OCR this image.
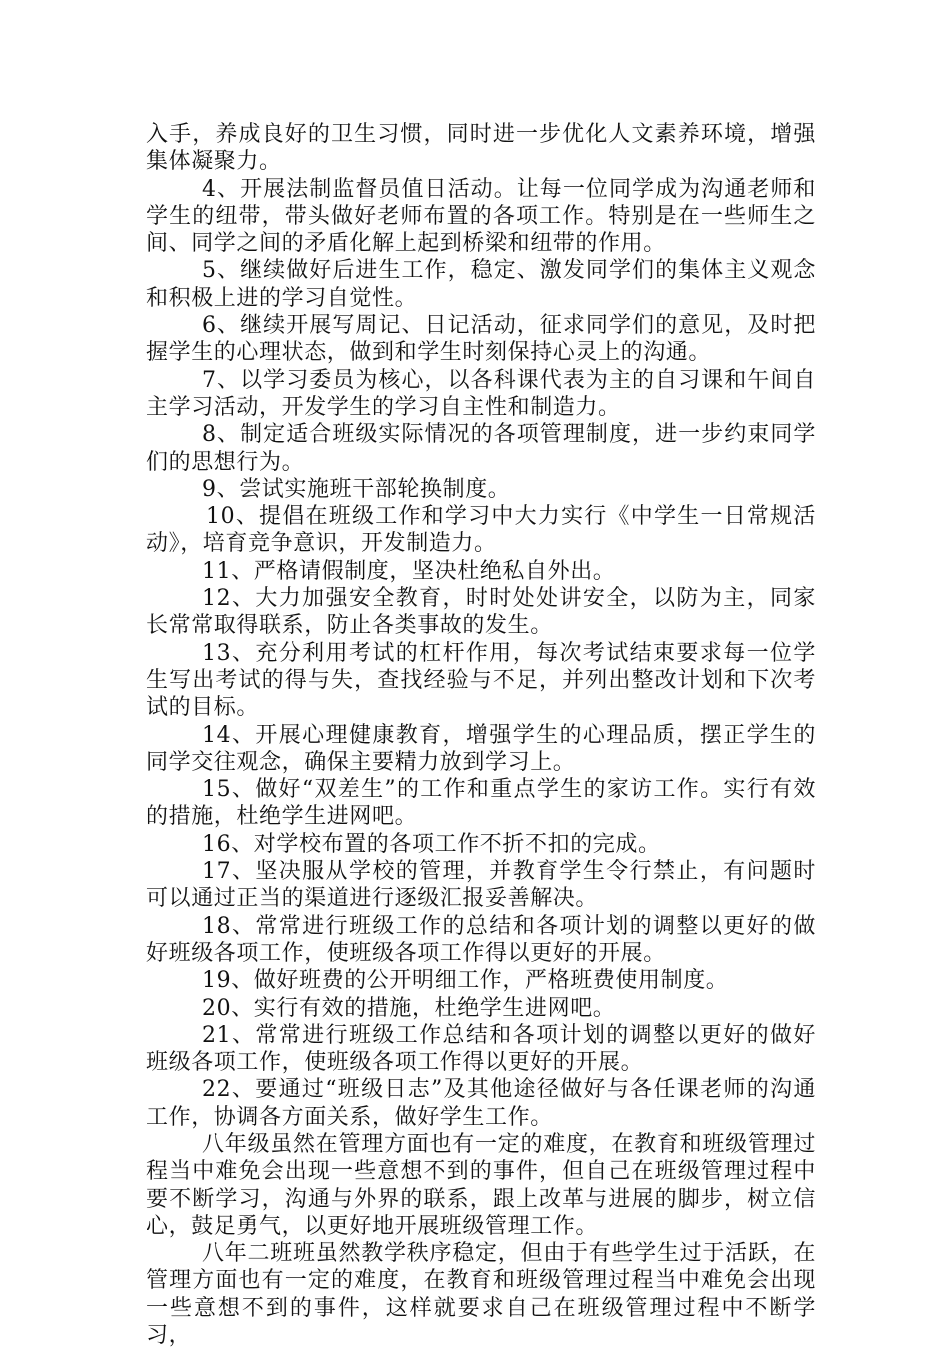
入手，养成良好的卫生习惯，同时进一步优化人文素养环境，增强集体凝聚力。

4、开展法制监督员值日活动。让每一位同学成为沟通老师和学生的纽带，带头做好老师布置的各项工作。特别是在一些师生之间、同学之间的矛盾化解上起到桥梁和纽带的作用。

5、继续做好后进生工作，稳定、激发同学们的集体主义观念和积极上进的学习自觉性。

6、继续开展写周记、日记活动，征求同学们的意见，及时把握学生的心理状态，做到和学生时刻保持心灵上的沟通。

7、以学习委员为核心，以各科课代表为主的自习课和午间自主学习活动，开发学生的学习自主性和制造力。

8、制定适合班级实际情况的各项管理制度，进一步约束同学们的思想行为。

9、尝试实施班干部轮换制度。

10、提倡在班级工作和学习中大力实行《中学生一日常规活动》，培育竞争意识，开发制造力。

11、严格请假制度，坚决杜绝私自外出。

12、大力加强安全教育，时时处处讲安全，以防为主，同家长常常取得联系，防止各类事故的发生。

13、充分利用考试的杠杆作用，每次考试结束要求每一位学生写出考试的得与失，查找经验与不足，并列出整改计划和下次考试的目标。

14、开展心理健康教育，增强学生的心理品质，摆正学生的同学交往观念，确保主要精力放到学习上。

15、做好“双差生”的工作和重点学生的家访工作。实行有效的措施，杜绝学生进网吧。

16、对学校布置的各项工作不折不扣的完成。

17、坚决服从学校的管理，并教育学生令行禁止，有问题时可以通过正当的渠道进行逐级汇报妥善解决。

18、常常进行班级工作的总结和各项计划的调整以更好的做好班级各项工作，使班级各项工作得以更好的开展。

19、做好班费的公开明细工作，严格班费使用制度。

20、实行有效的措施，杜绝学生进网吧。

21、常常进行班级工作总结和各项计划的调整以更好的做好班级各项工作，使班级各项工作得以更好的开展。

22、要通过“班级日志”及其他途径做好与各任课老师的沟通工作，协调各方面关系，做好学生工作。

八年级虽然在管理方面也有一定的难度，在教育和班级管理过程当中难免会出现一些意想不到的事件，但自己在班级管理过程中要不断学习，沟通与外界的联系，跟上改革与进展的脚步，树立信心，鼓足勇气，以更好地开展班级管理工作。

八年二班班虽然教学秩序稳定，但由于有些学生过于活跃，在管理方面也有一定的难度，在教育和班级管理过程当中难免会出现一些意想不到的事件，这样就要求自己在班级管理过程中不断学习，
